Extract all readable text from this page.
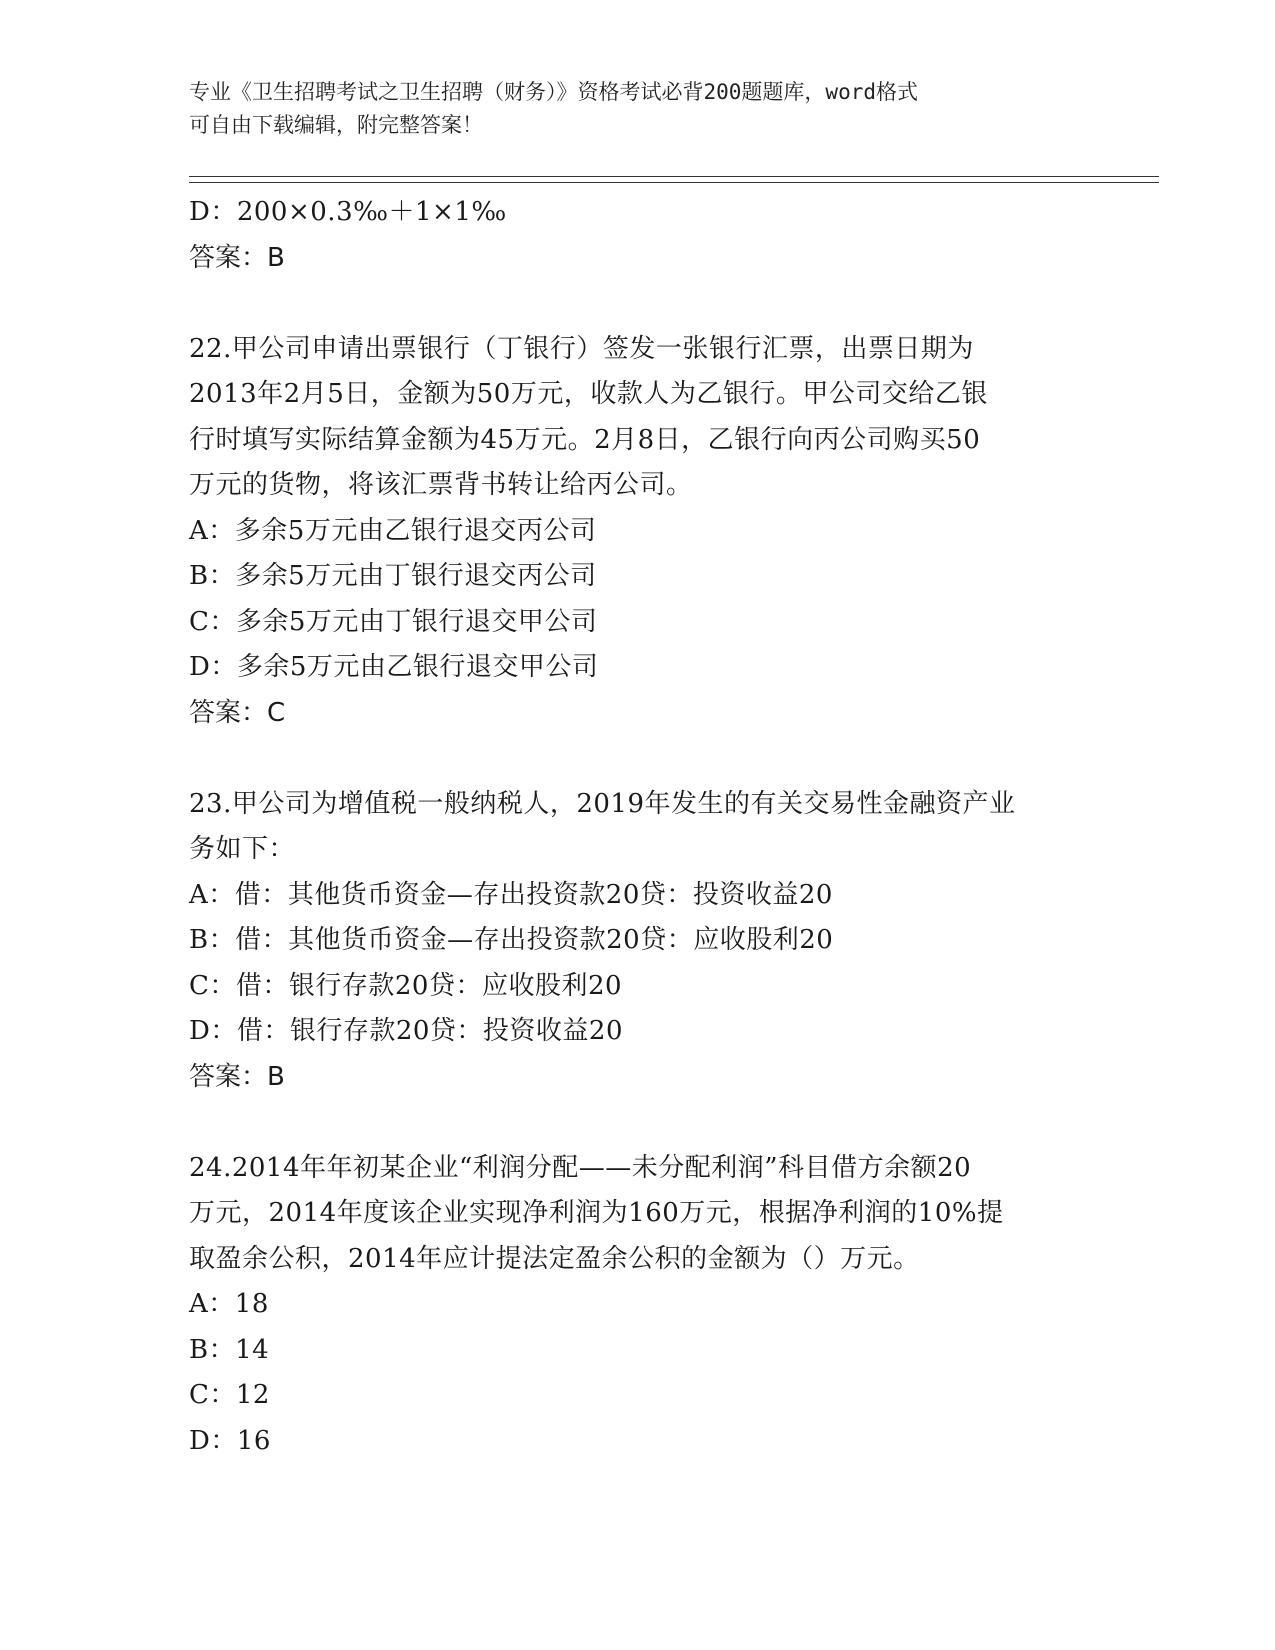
专业《卫生招聘考试之卫生招聘（财务）》资格考试必背200题题库，word格式
可自由下载编辑，附完整答案！
D：200×0.3‰＋1×1‰
答案：B
22.甲公司申请出票银行（丁银行）签发一张银行汇票，出票日期为
2013年2月5日，金额为50万元，收款人为乙银行。甲公司交给乙银
行时填写实际结算金额为45万元。2月8日，乙银行向丙公司购买50
万元的货物，将该汇票背书转让给丙公司。
A：多余5万元由乙银行退交丙公司
B：多余5万元由丁银行退交丙公司
C：多余5万元由丁银行退交甲公司
D：多余5万元由乙银行退交甲公司
答案：C
23.甲公司为增值税一般纳税人，2019年发生的有关交易性金融资产业
务如下：
A：借：其他货币资金—存出投资款20贷：投资收益20
B：借：其他货币资金—存出投资款20贷：应收股利20
C：借：银行存款20贷：应收股利20
D：借：银行存款20贷：投资收益20
答案：B
24.2014年年初某企业“利润分配——未分配利润”科目借方余额20
万元，2014年度该企业实现净利润为160万元，根据净利润的10%提
取盈余公积，2014年应计提法定盈余公积的金额为（）万元。
A：18
B：14
C：12
D：16
